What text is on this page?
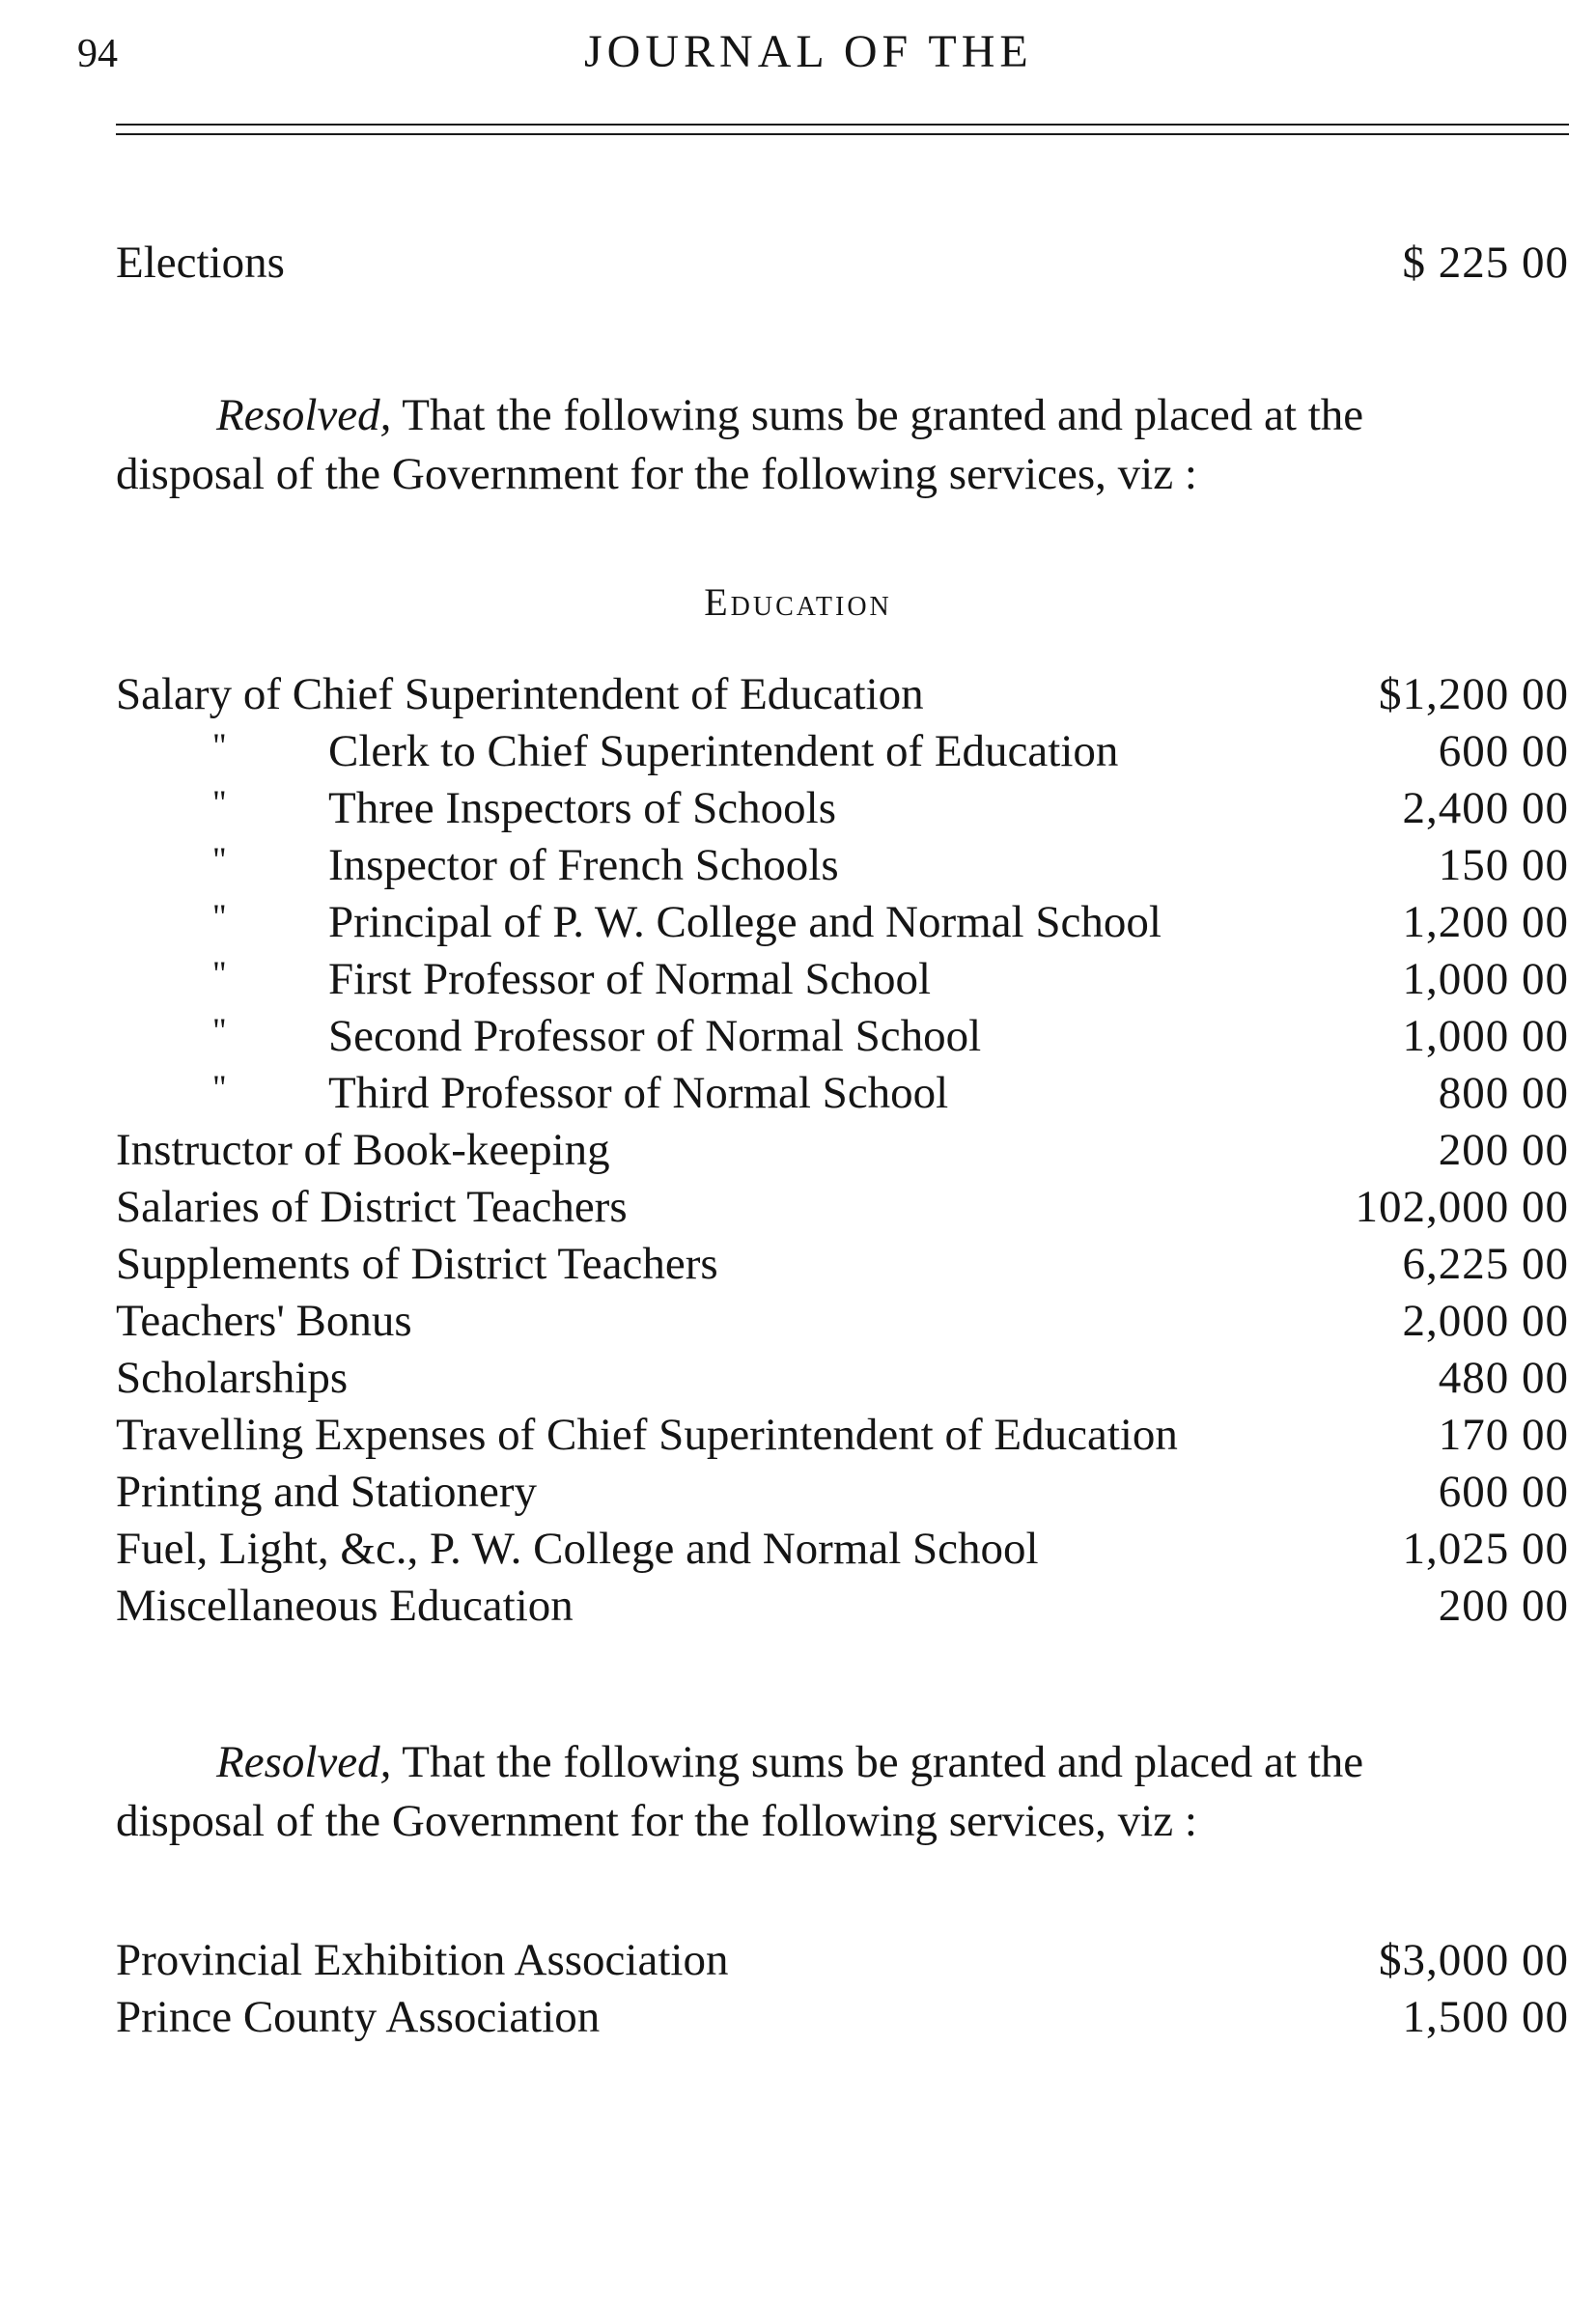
94	JOURNAL OF THE
Elections	$ 225 00
Resolved, That the following sums be granted and placed at the disposal of the Government for the following services, viz :
Education
Salary of Chief Superintendent of Education	$1,200 00
" Clerk to Chief Superintendent of Education	600 00
" Three Inspectors of Schools	2,400 00
" Inspector of French Schools	150 00
" Principal of P. W. College and Normal School	1,200 00
" First Professor of Normal School	1,000 00
" Second Professor of Normal School	1,000 00
" Third Professor of Normal School	800 00
Instructor of Book-keeping	200 00
Salaries of District Teachers	102,000 00
Supplements of District Teachers	6,225 00
Teachers' Bonus	2,000 00
Scholarships	480 00
Travelling Expenses of Chief Superintendent of Education	170 00
Printing and Stationery	600 00
Fuel, Light, &c., P. W. College and Normal School	1,025 00
Miscellaneous Education	200 00
Resolved, That the following sums be granted and placed at the disposal of the Government for the following services, viz :
Provincial Exhibition Association	$3,000 00
Prince County Association	1,500 00
